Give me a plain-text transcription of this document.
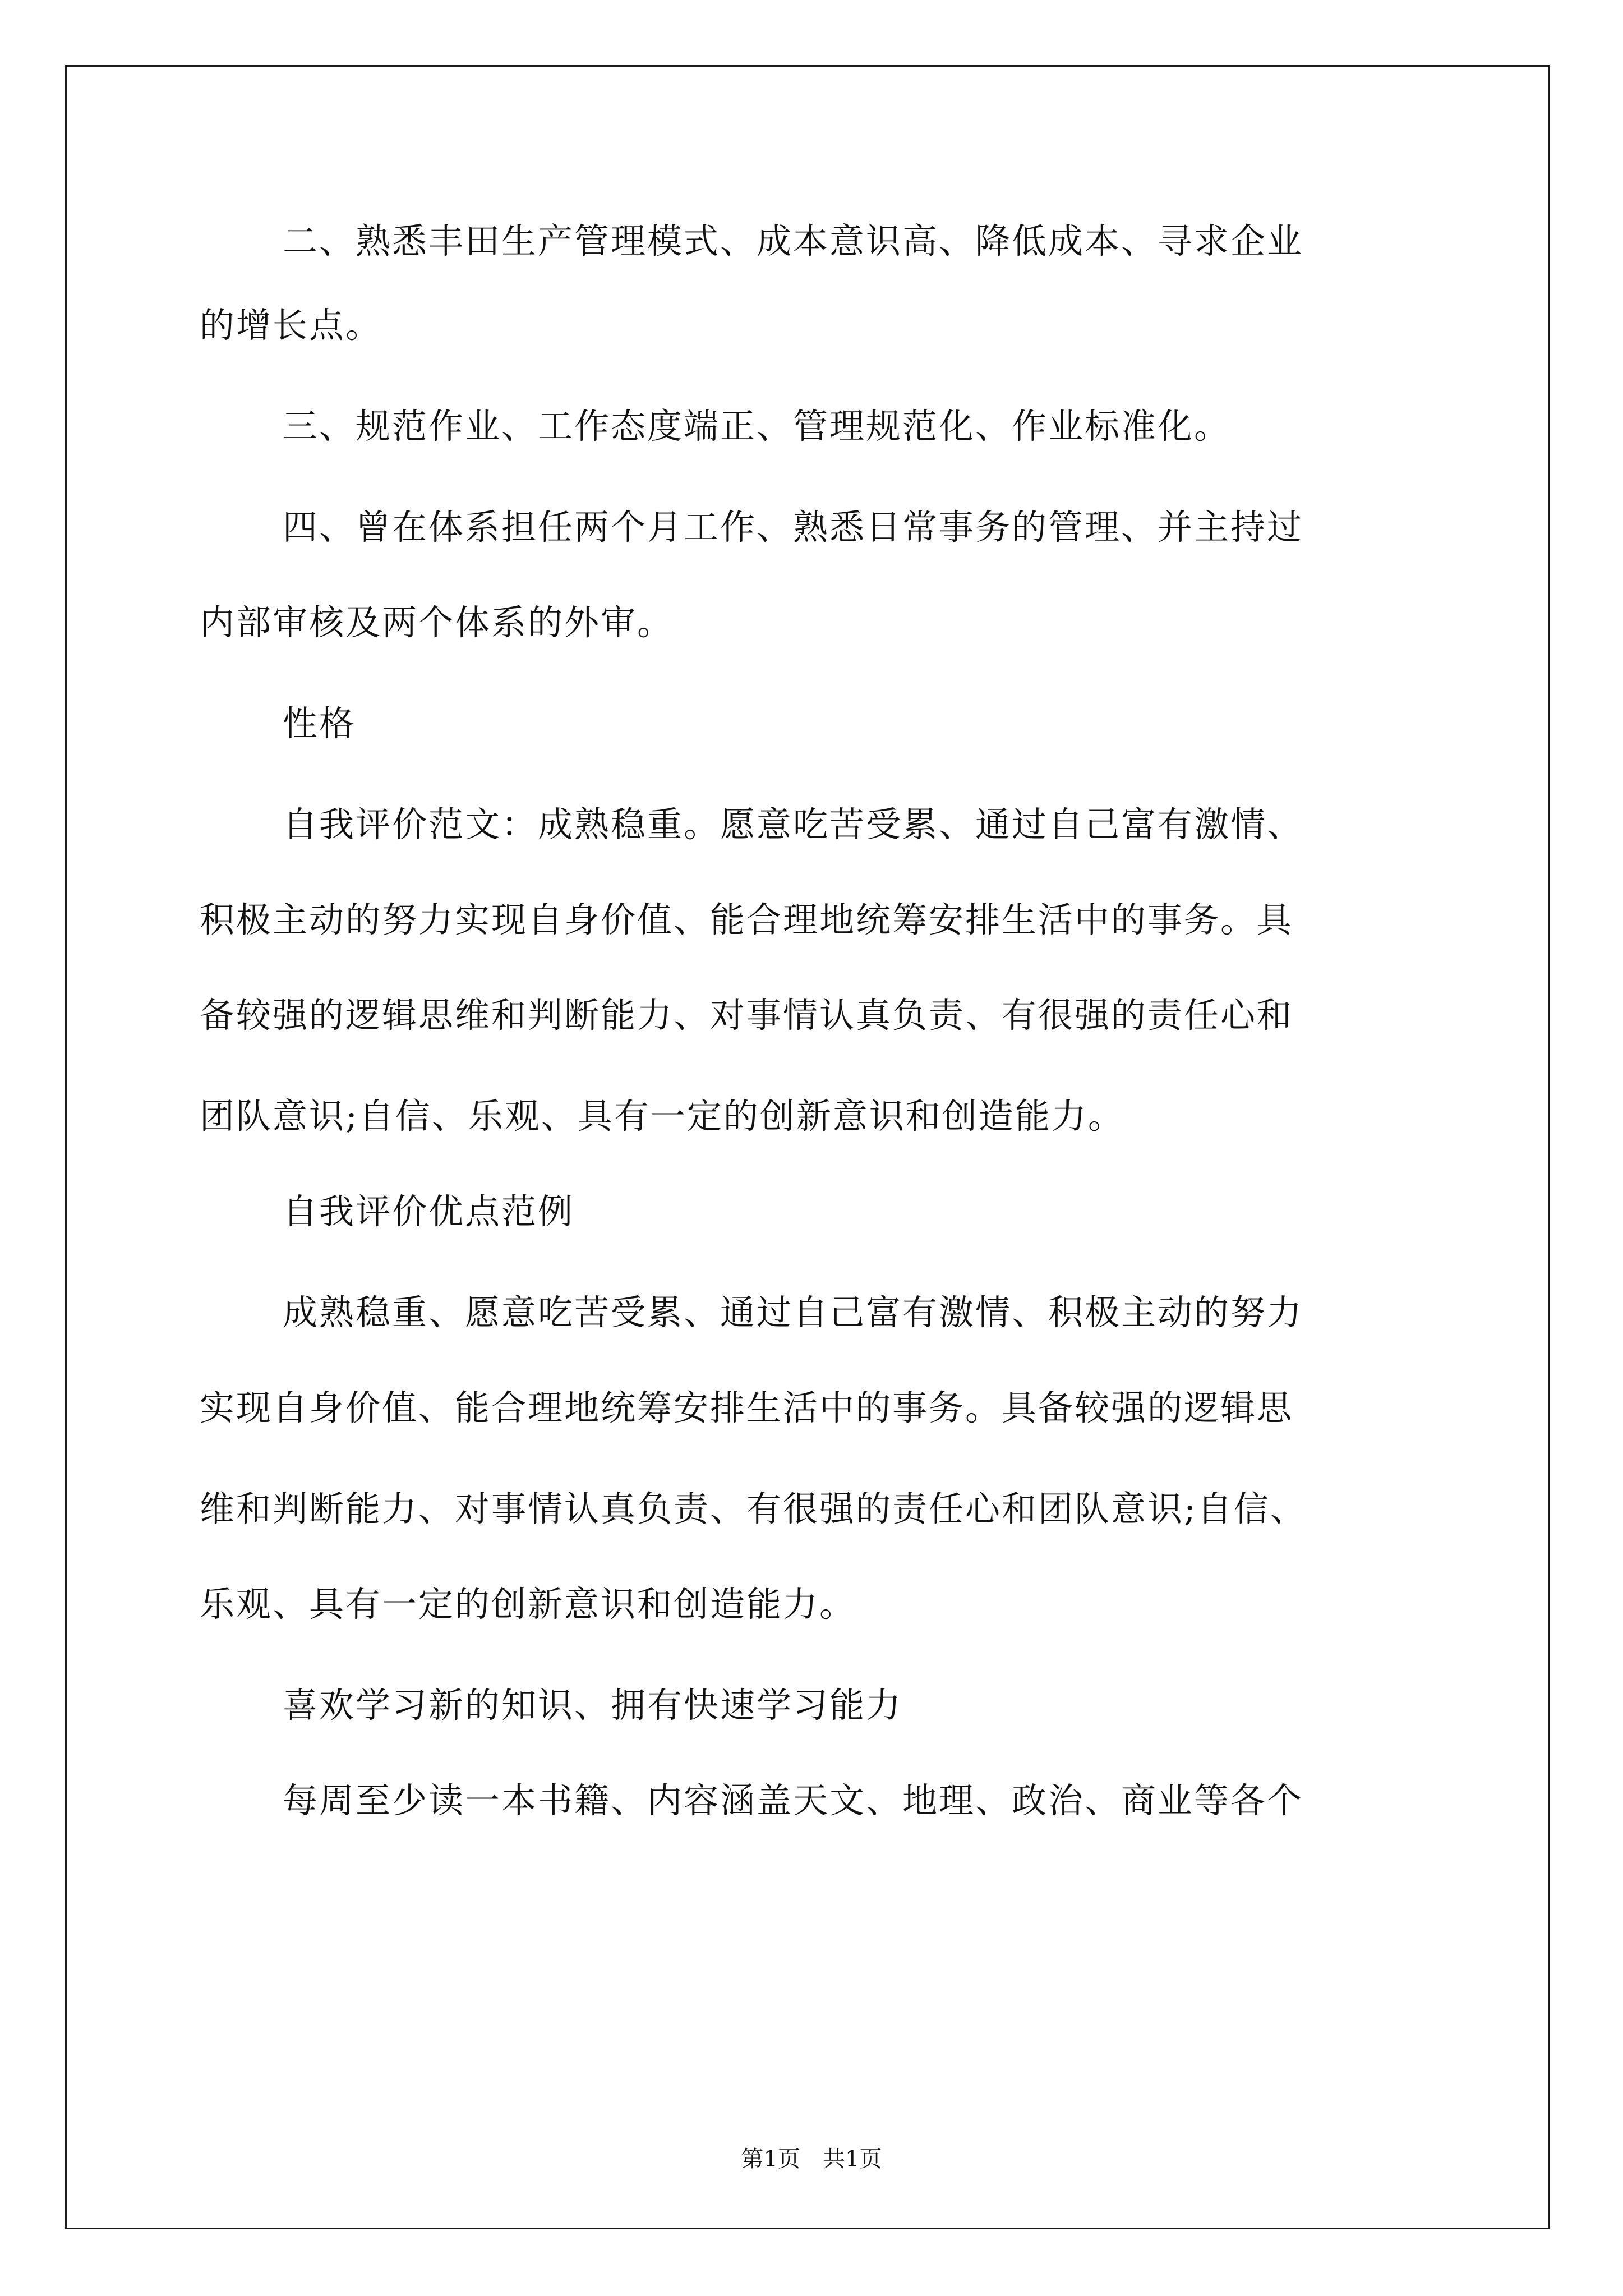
二、熟悉丰田生产管理模式、成本意识高、降低成本、寻求企业
的增长点。
三、规范作业、工作态度端正、管理规范化、作业标准化。
四、曾在体系担任两个月工作、熟悉日常事务的管理、并主持过
内部审核及两个体系的外审。
性格
自我评价范文：成熟稳重。愿意吃苦受累、通过自己富有激情、
积极主动的努力实现自身价值、能合理地统筹安排生活中的事务。具
备较强的逻辑思维和判断能力、对事情认真负责、有很强的责任心和
团队意识;自信、乐观、具有一定的创新意识和创造能力。
自我评价优点范例
成熟稳重、愿意吃苦受累、通过自己富有激情、积极主动的努力
实现自身价值、能合理地统筹安排生活中的事务。具备较强的逻辑思
维和判断能力、对事情认真负责、有很强的责任心和团队意识;自信、
乐观、具有一定的创新意识和创造能力。
喜欢学习新的知识、拥有快速学习能力
每周至少读一本书籍、内容涵盖天文、地理、政治、商业等各个
第1页　共1页
